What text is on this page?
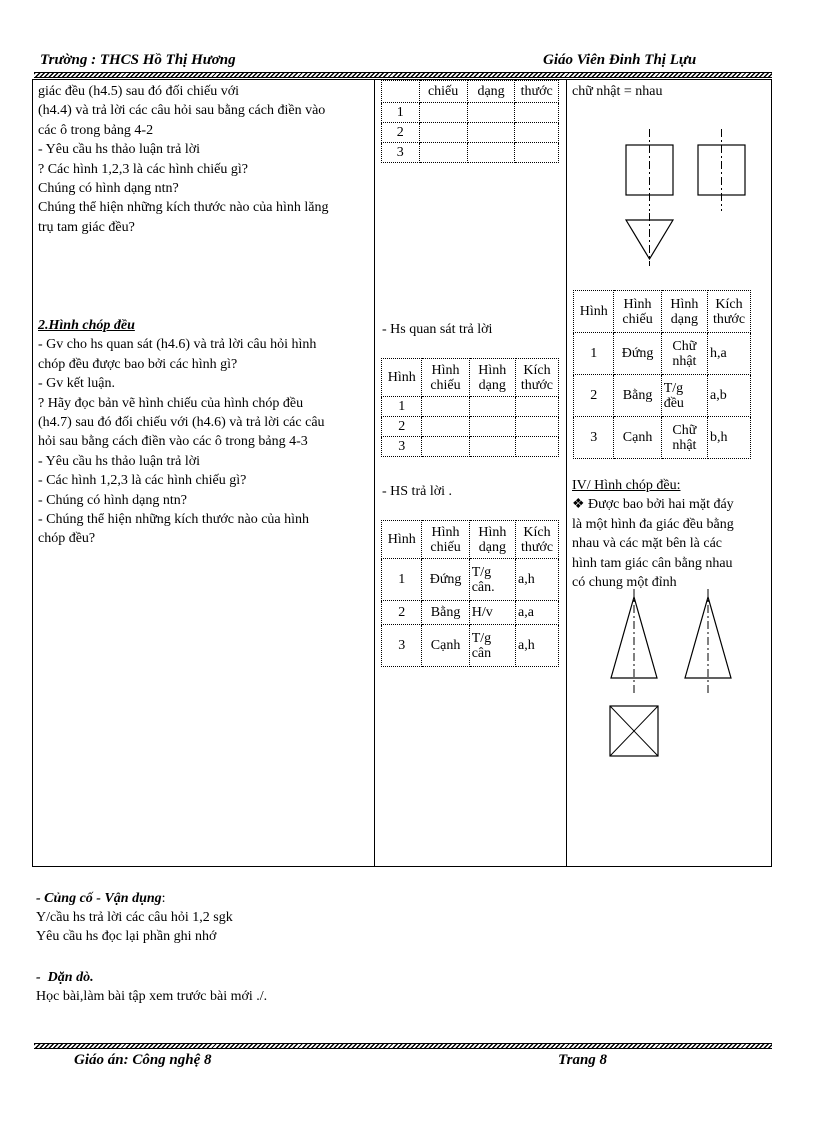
Trường : THCS Hồ Thị Hương	Giáo Viên Đinh Thị Lựu

giác đều (h4.5) sau đó đối chiếu với

(h4.4) và trả lời các câu hỏi sau bằng cách điền vào

các ô trong bảng 4-2

- Yêu cầu hs thảo luận trả lời

? Các hình 1,2,3 là các hình chiếu gì?

Chúng có hình dạng ntn?

Chúng thể hiện những kích thước nào của hình lăng

trụ tam giác đều?

2.Hình chóp đều

- Gv cho hs quan sát (h4.6) và trả lời câu hỏi hình

chóp đều được bao bởi các hình gì?

- Gv kết luận.

? Hãy đọc bản vẽ hình chiếu của hình chóp đều

(h4.7) sau đó đối chiếu với (h4.6) và trả lời các câu

hỏi sau bằng cách điền vào các ô trong bảng 4-3

- Yêu cầu hs thảo luận trả lời

- Các hình 1,2,3 là các hình chiếu gì?

- Chúng có hình dạng ntn?

- Chúng thể hiện những kích thước nào của hình

chóp đều?

	chiếu	dạng	thước
1			
2			
3			
- Hs quan sát trả lời
Hình	Hình chiếu	Hình dạng	Kích thước
1			
2			
3			
- HS trả lời .
Hình	Hình chiếu	Hình dạng	Kích thước
1	Đứng	T/g cân.	a,h
2	Bằng	H/v	a,a
3	Cạnh	T/g cân	a,h
chữ nhật = nhau
Hình	Hình chiếu	Hình dạng	Kích thước
1	Đứng	Chữ nhật	h,a
2	Bằng	T/g đều	a,b
3	Cạnh	Chữ nhật	b,h

IV/ Hình chóp đều:

❖ Được bao bởi hai mặt đáy

là một hình đa giác đều bằng

nhau và các mặt bên là các

hình tam giác cân bằng nhau

có chung một đỉnh

- Củng cố - Vận dụng:

Y/cầu hs trả lời các câu hỏi 1,2 sgk

Yêu cầu hs đọc lại phần ghi nhớ

-  Dặn dò.

Học bài,làm bài tập xem trước bài mới ./.

Giáo án: Công nghệ 8	Trang 8
